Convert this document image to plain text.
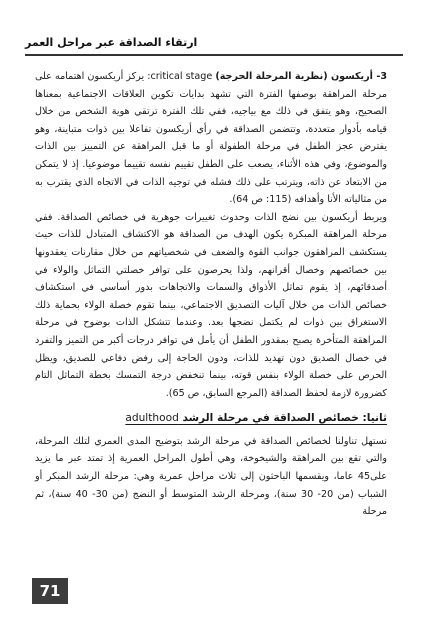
ارتقاء الصداقة عبر مراحل العمر

3- أريكسون (نظرية المرحلة الحرجة) critical stage: يركز أريكسون اهتمامه على مرحلة المراهقة بوصفها الفترة التي تشهد بدايات تكوين العلاقات الاجتماعية بمعناها الصحيح، وهو يتفق في ذلك مع بياجيه، ففي تلك الفترة ترتقي هوية الشخص من خلال قيامه بأدوار متعددة، وتتضمن الصداقة في رأي أريكسون تفاعلا بين ذوات متباينة، وهو يفترض عجز الطفل في مرحلة الطفولة أو ما قبل المراهقة عن التمييز بين الذات والموضوع، وفي هذه الأثناء، يصعب على الطفل تقييم نفسه تقييما موضوعيا. إذ لا يتمكن من الابتعاد عن ذاته، ويترتب على ذلك فشله في توجيه الذات في الاتجاه الذي يقترب به من مثالياته الأنا وأهدافه (115: ص 64).

ويربط أريكسون بين نضج الذات وحدوث تغييرات جوهرية في خصائص الصداقة. ففي مرحلة المراهقة المبكرة يكون الهدف من الصداقة هو الاكتشاف المتبادل للذات حيث يستكشف المراهقون جوانب القوة والضعف في شخصياتهم من خلال مقارنات يعقدونها بين خصائصهم وخصال أقرانهم، ولذا يحرصون على توافر خصلتي التماثل والولاء في أصدقائهم، إذ يقوم تماثل الأذواق والسمات والاتجاهات بدور أساسي في استكشاف خصائص الذات من خلال آليات التصديق الاجتماعي، بينما تقوم خصلة الولاء بحماية ذلك الاستغراق بين ذوات لم يكتمل نضجها بعد. وعندما تتشكل الذات بوضوح في مرحلة المراهقة المتأخرة يصبح بمقدور الطفل أن يأمل في توافر درجات أكبر من التميز والتفرد في خصال الصديق دون تهديد للذات، ودون الحاجة إلى رفض دفاعي للصديق، ويظل الحرص على خصلة الولاء بنفس قوته، بينما تنخفض درجة التمسك بخطة التماثل التام كضرورة لازمة لحفظ الصداقة (المرجع السابق، ص 65).

ثانيا: خصائص الصداقة في مرحلة الرشد adulthood

نستهل تناولنا لخصائص الصداقة في مرحلة الرشد بتوضيح المدى العمري لتلك المرحلة، والتي تقع بين المراهقة والشيخوخة، وهي أطول المراحل العمرية إذ تمتد عبر ما يزيد على45 عاما، ويقسمها الباحثون إلى ثلاث مراحل عمرية وهي: مرحلة الرشد المبكر أو الشباب (من 20- 30 سنة)، ومرحلة الرشد المتوسط أو النضج (من 30- 40 سنة)، ثم مرحلة

71
